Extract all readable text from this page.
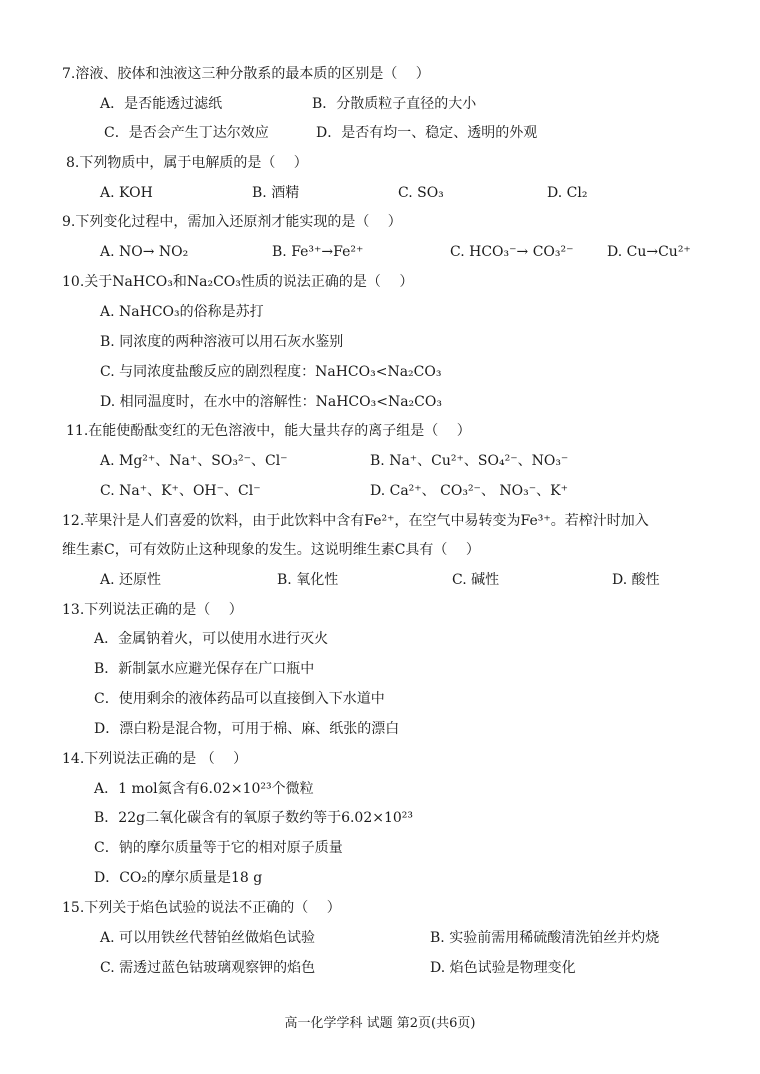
7.溶液、胶体和浊液这三种分散系的最本质的区别是（　 ）
A．是否能透过滤纸	B．分散质粒子直径的大小
C．是否会产生丁达尔效应	D．是否有均一、稳定、透明的外观
8.下列物质中，属于电解质的是（　 ）
A. KOH	B. 酒精	C. SO₃	D. Cl₂
9.下列变化过程中，需加入还原剂才能实现的是（　 ）
A. NO→ NO₂	B. Fe³⁺→Fe²⁺	C. HCO₃⁻→ CO₃²⁻ D. Cu→Cu²⁺
10.关于NaHCO₃和Na₂CO₃性质的说法正确的是（　 ）
A. NaHCO₃的俗称是苏打
B. 同浓度的两种溶液可以用石灰水鉴别
C. 与同浓度盐酸反应的剧烈程度：NaHCO₃<Na₂CO₃
D. 相同温度时，在水中的溶解性：NaHCO₃<Na₂CO₃
11.在能使酚酞变红的无色溶液中，能大量共存的离子组是（　 ）
A. Mg²⁺、Na⁺、SO₃²⁻、Cl⁻	B. Na⁺、Cu²⁺、SO₄²⁻、NO₃⁻
C. Na⁺、K⁺、OH⁻、Cl⁻	D. Ca²⁺、 CO₃²⁻、 NO₃⁻、K⁺
12.苹果汁是人们喜爱的饮料，由于此饮料中含有Fe²⁺，在空气中易转变为Fe³⁺。若榨汁时加入
维生素C，可有效防止这种现象的发生。这说明维生素C具有（　 ）
A. 还原性	B. 氧化性	C. 碱性	D. 酸性
13.下列说法正确的是（　 ）
A．金属钠着火，可以使用水进行灭火
B．新制氯水应避光保存在广口瓶中
C．使用剩余的液体药品可以直接倒入下水道中
D．漂白粉是混合物，可用于棉、麻、纸张的漂白
14.下列说法正确的是 （　 ）
A．1 mol氮含有6.02×10²³个微粒
B．22g二氧化碳含有的氧原子数约等于6.02×10²³
C．钠的摩尔质量等于它的相对原子质量
D．CO₂的摩尔质量是18 g
15.下列关于焰色试验的说法不正确的（　 ）
A. 可以用铁丝代替铂丝做焰色试验	B. 实验前需用稀硫酸清洗铂丝并灼烧
C. 需透过蓝色钴玻璃观察钾的焰色	D. 焰色试验是物理变化
高一化学学科 试题 第2页(共6页)
